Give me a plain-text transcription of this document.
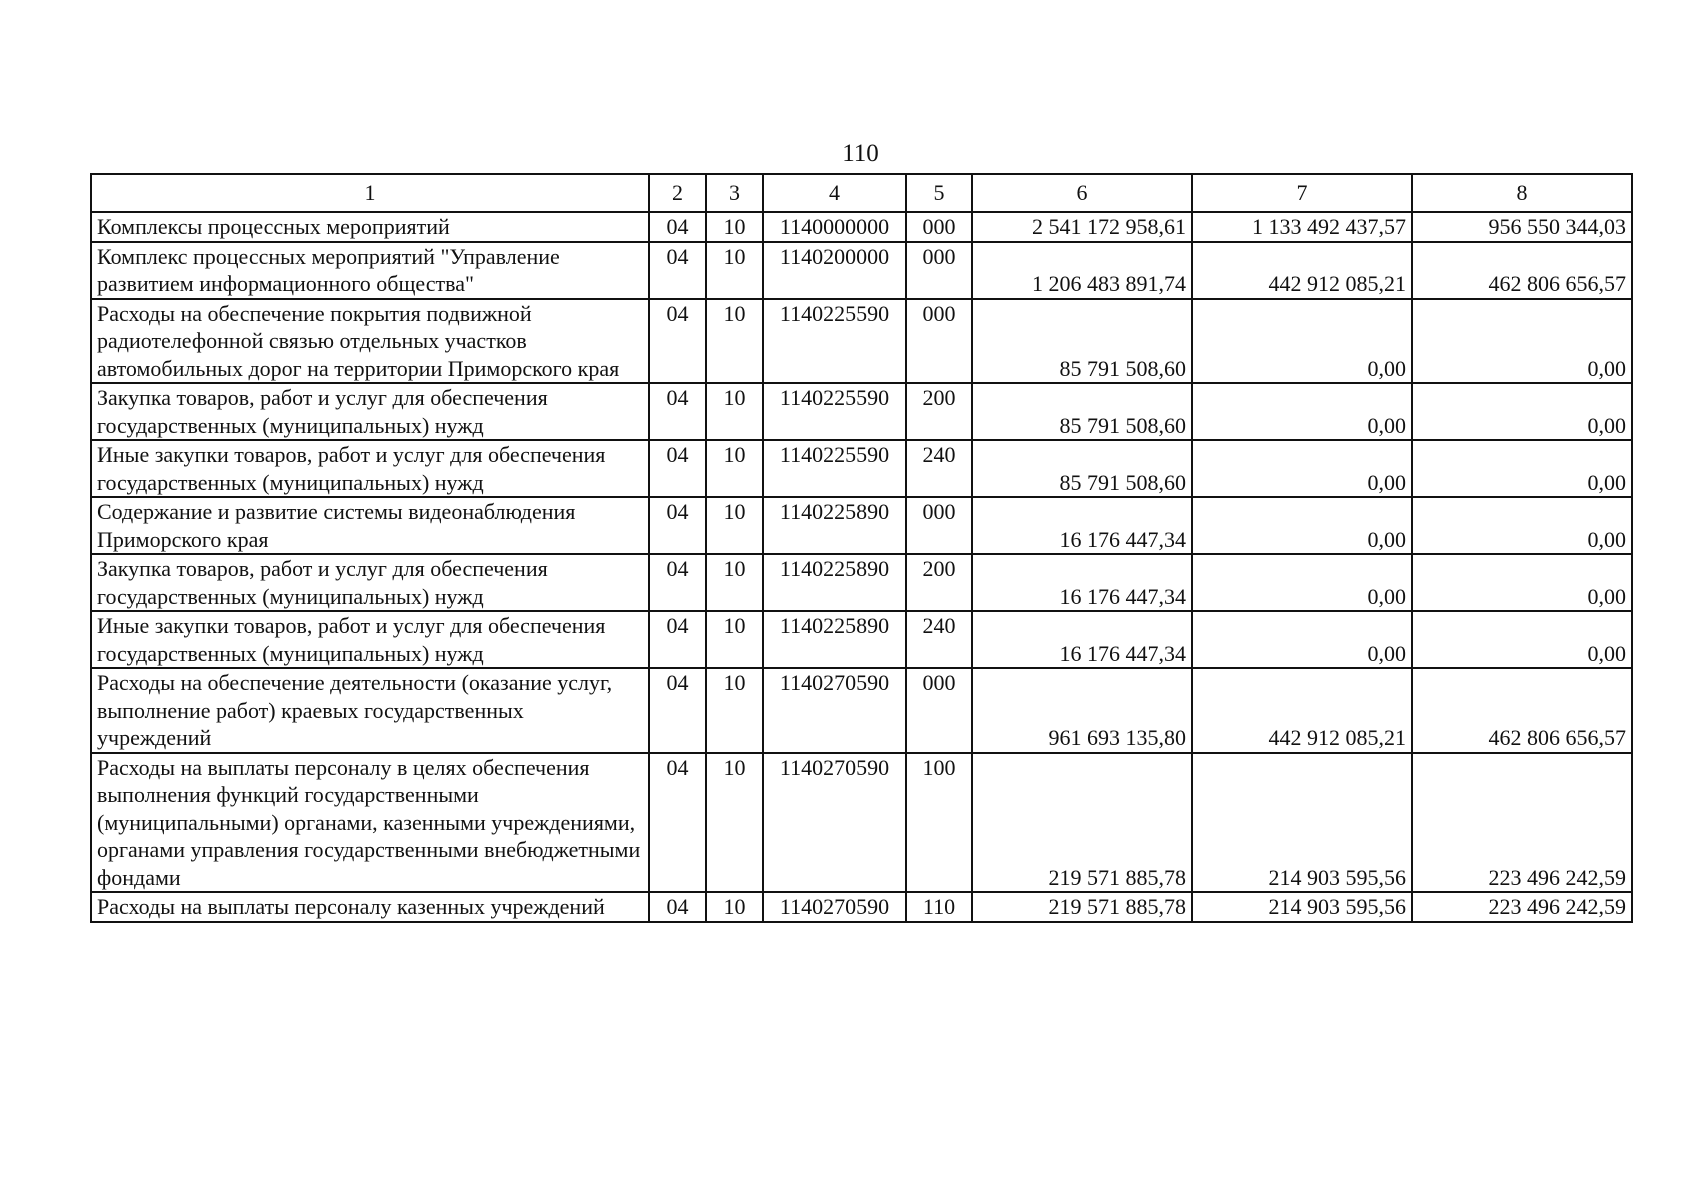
110
1	2	3	4	5	6	7	8
Комплексы процессных мероприятий	04	10	1140000000	000	2 541 172 958,61	1 133 492 437,57	956 550 344,03
Комплекс процессных мероприятий "Управление развитием информационного общества"	04	10	1140200000	000	1 206 483 891,74	442 912 085,21	462 806 656,57
Расходы на обеспечение покрытия подвижной радиотелефонной связью отдельных участков автомобильных дорог на территории Приморского края	04	10	1140225590	000	85 791 508,60	0,00	0,00
Закупка товаров, работ и услуг для обеспечения государственных (муниципальных) нужд	04	10	1140225590	200	85 791 508,60	0,00	0,00
Иные закупки товаров, работ и услуг для обеспечения государственных (муниципальных) нужд	04	10	1140225590	240	85 791 508,60	0,00	0,00
Содержание и развитие системы видеонаблюдения Приморского края	04	10	1140225890	000	16 176 447,34	0,00	0,00
Закупка товаров, работ и услуг для обеспечения государственных (муниципальных) нужд	04	10	1140225890	200	16 176 447,34	0,00	0,00
Иные закупки товаров, работ и услуг для обеспечения государственных (муниципальных) нужд	04	10	1140225890	240	16 176 447,34	0,00	0,00
Расходы на обеспечение деятельности (оказание услуг, выполнение работ) краевых государственных учреждений	04	10	1140270590	000	961 693 135,80	442 912 085,21	462 806 656,57
Расходы на выплаты персоналу в целях обеспечения выполнения функций государственными (муниципальными) органами, казенными учреждениями, органами управления государственными внебюджетными фондами	04	10	1140270590	100	219 571 885,78	214 903 595,56	223 496 242,59
Расходы на выплаты персоналу казенных учреждений	04	10	1140270590	110	219 571 885,78	214 903 595,56	223 496 242,59
